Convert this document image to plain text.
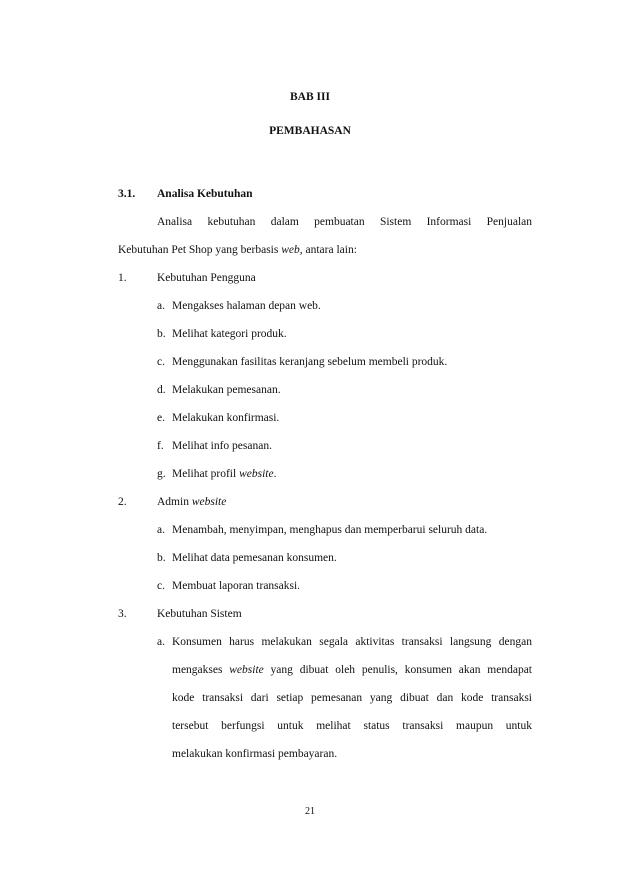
BAB III
PEMBAHASAN
3.1. Analisa Kebutuhan
Analisa kebutuhan dalam pembuatan Sistem Informasi Penjualan
Kebutuhan Pet Shop yang berbasis web, antara lain:
1.	Kebutuhan Pengguna
a. Mengakses halaman depan web.
b. Melihat kategori produk.
c. Menggunakan fasilitas keranjang sebelum membeli produk.
d. Melakukan pemesanan.
e. Melakukan konfirmasi.
f. Melihat info pesanan.
g. Melihat profil website.
2.	Admin website
a. Menambah, menyimpan, menghapus dan memperbarui seluruh data.
b. Melihat data pemesanan konsumen.
c. Membuat laporan transaksi.
3.	Kebutuhan Sistem
a. Konsumen harus melakukan segala aktivitas transaksi langsung dengan
mengakses website yang dibuat oleh penulis, konsumen akan mendapat
kode transaksi dari setiap pemesanan yang dibuat dan kode transaksi
tersebut berfungsi untuk melihat status transaksi maupun untuk
melakukan konfirmasi pembayaran.
21
